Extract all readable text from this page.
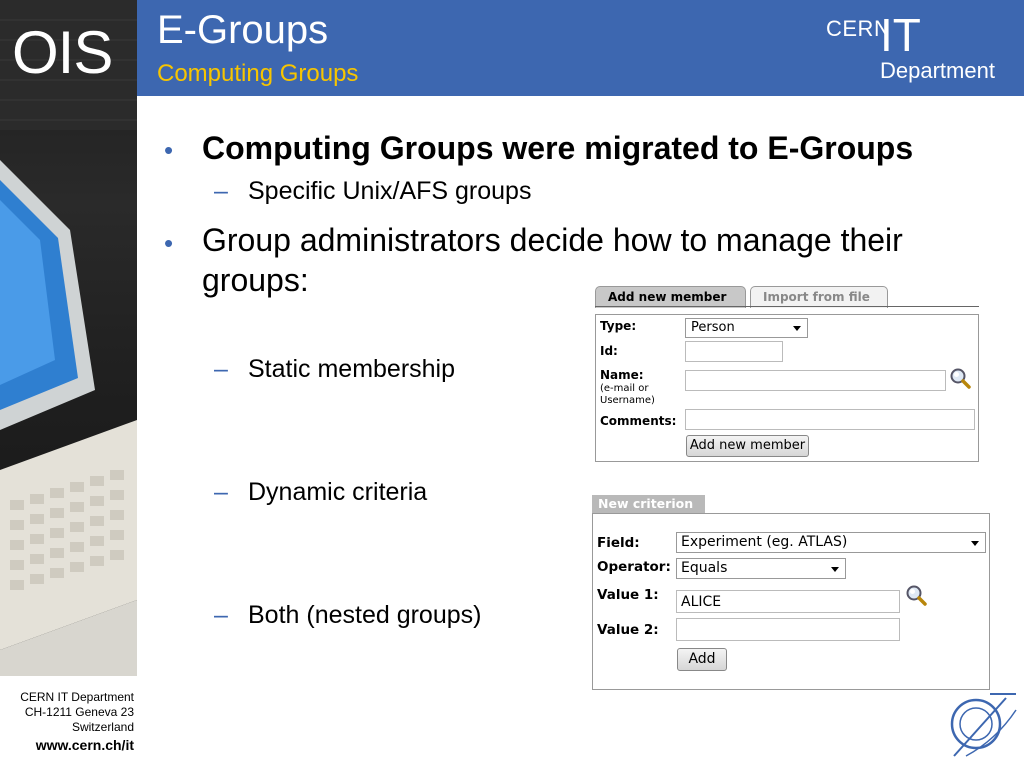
OIS E-Groups
Computing Groups
CERN
IT
Department
• Computing Groups were migrated to E-Groups
– Specific Unix/AFS groups
• Group administrators decide how to manage their groups:
– Static membership
– Dynamic criteria
– Both (nested groups)
Add new member	Import from file
Type:	Person
Id:
Name:
(e-mail or
Username)
Comments:
Add new member
New criterion
Field:	Experiment (eg. ATLAS)
Operator: Equals
Value 1:	ALICE
Value 2:
Add
CERN IT Department
CH-1211 Geneva 23
Switzerland
www.cern.ch/it
